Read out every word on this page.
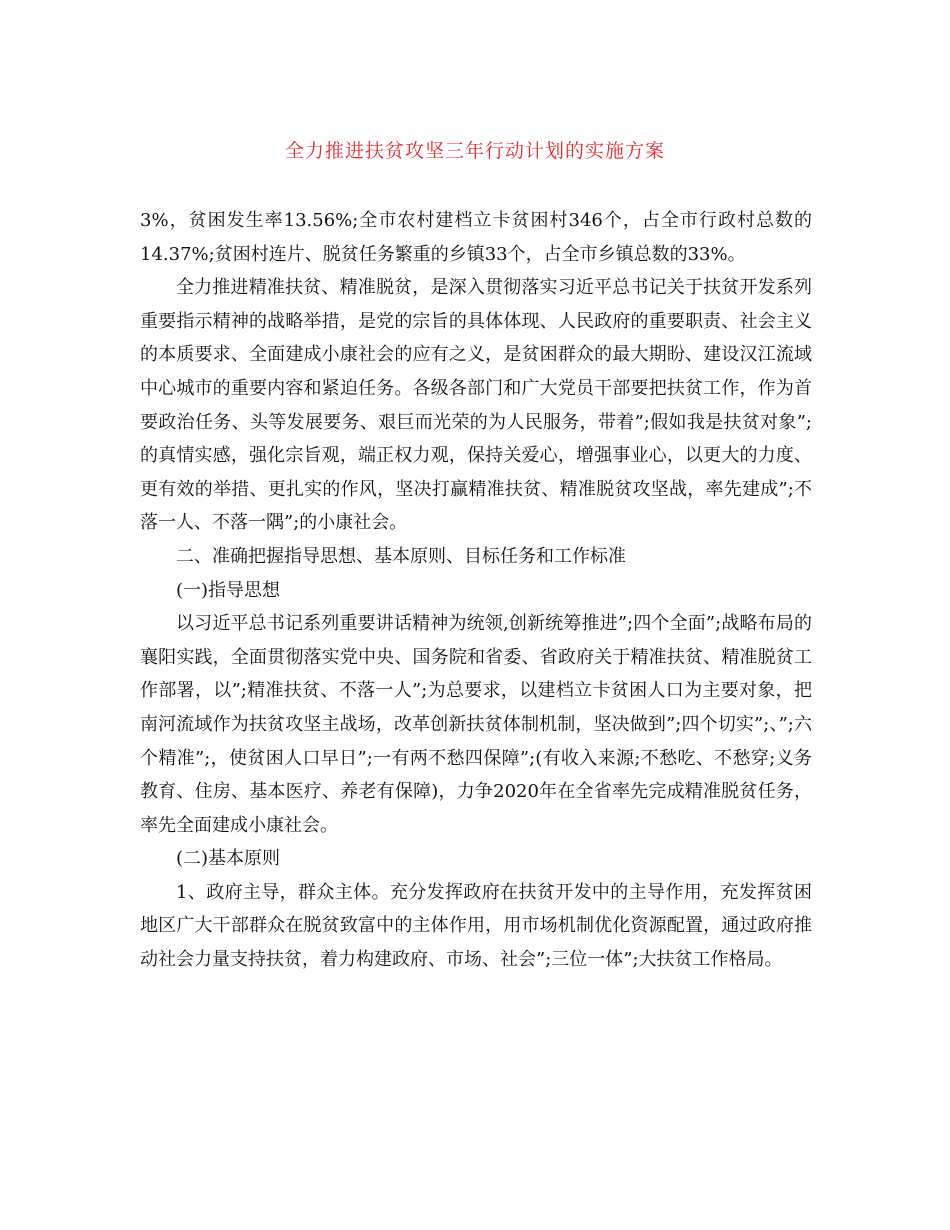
全力推进扶贫攻坚三年行动计划的实施方案

3%，贫困发生率13.56%;全市农村建档立卡贫困村346个，占全市行政村总数的14.37%;贫困村连片、脱贫任务繁重的乡镇33个，占全市乡镇总数的33%。

全力推进精准扶贫、精准脱贫，是深入贯彻落实习近平总书记关于扶贫开发系列重要指示精神的战略举措，是党的宗旨的具体体现、人民政府的重要职责、社会主义的本质要求、全面建成小康社会的应有之义，是贫困群众的最大期盼、建设汉江流域中心城市的重要内容和紧迫任务。各级各部门和广大党员干部要把扶贫工作，作为首要政治任务、头等发展要务、艰巨而光荣的为人民服务，带着”;假如我是扶贫对象”;的真情实感，强化宗旨观，端正权力观，保持关爱心，增强事业心，以更大的力度、更有效的举措、更扎实的作风，坚决打赢精准扶贫、精准脱贫攻坚战，率先建成”;不落一人、不落一隅”;的小康社会。

二、准确把握指导思想、基本原则、目标任务和工作标准

(一)指导思想

以习近平总书记系列重要讲话精神为统领,创新统筹推进”;四个全面”;战略布局的襄阳实践，全面贯彻落实党中央、国务院和省委、省政府关于精准扶贫、精准脱贫工作部署，以”;精准扶贫、不落一人”;为总要求，以建档立卡贫困人口为主要对象，把南河流域作为扶贫攻坚主战场，改革创新扶贫体制机制，坚决做到”;四个切实”;、”;六个精准”;，使贫困人口早日”;一有两不愁四保障”;(有收入来源;不愁吃、不愁穿;义务教育、住房、基本医疗、养老有保障)，力争2020年在全省率先完成精准脱贫任务，率先全面建成小康社会。

(二)基本原则

1、政府主导，群众主体。充分发挥政府在扶贫开发中的主导作用，充发挥贫困地区广大干部群众在脱贫致富中的主体作用，用市场机制优化资源配置，通过政府推动社会力量支持扶贫，着力构建政府、市场、社会”;三位一体”;大扶贫工作格局。
